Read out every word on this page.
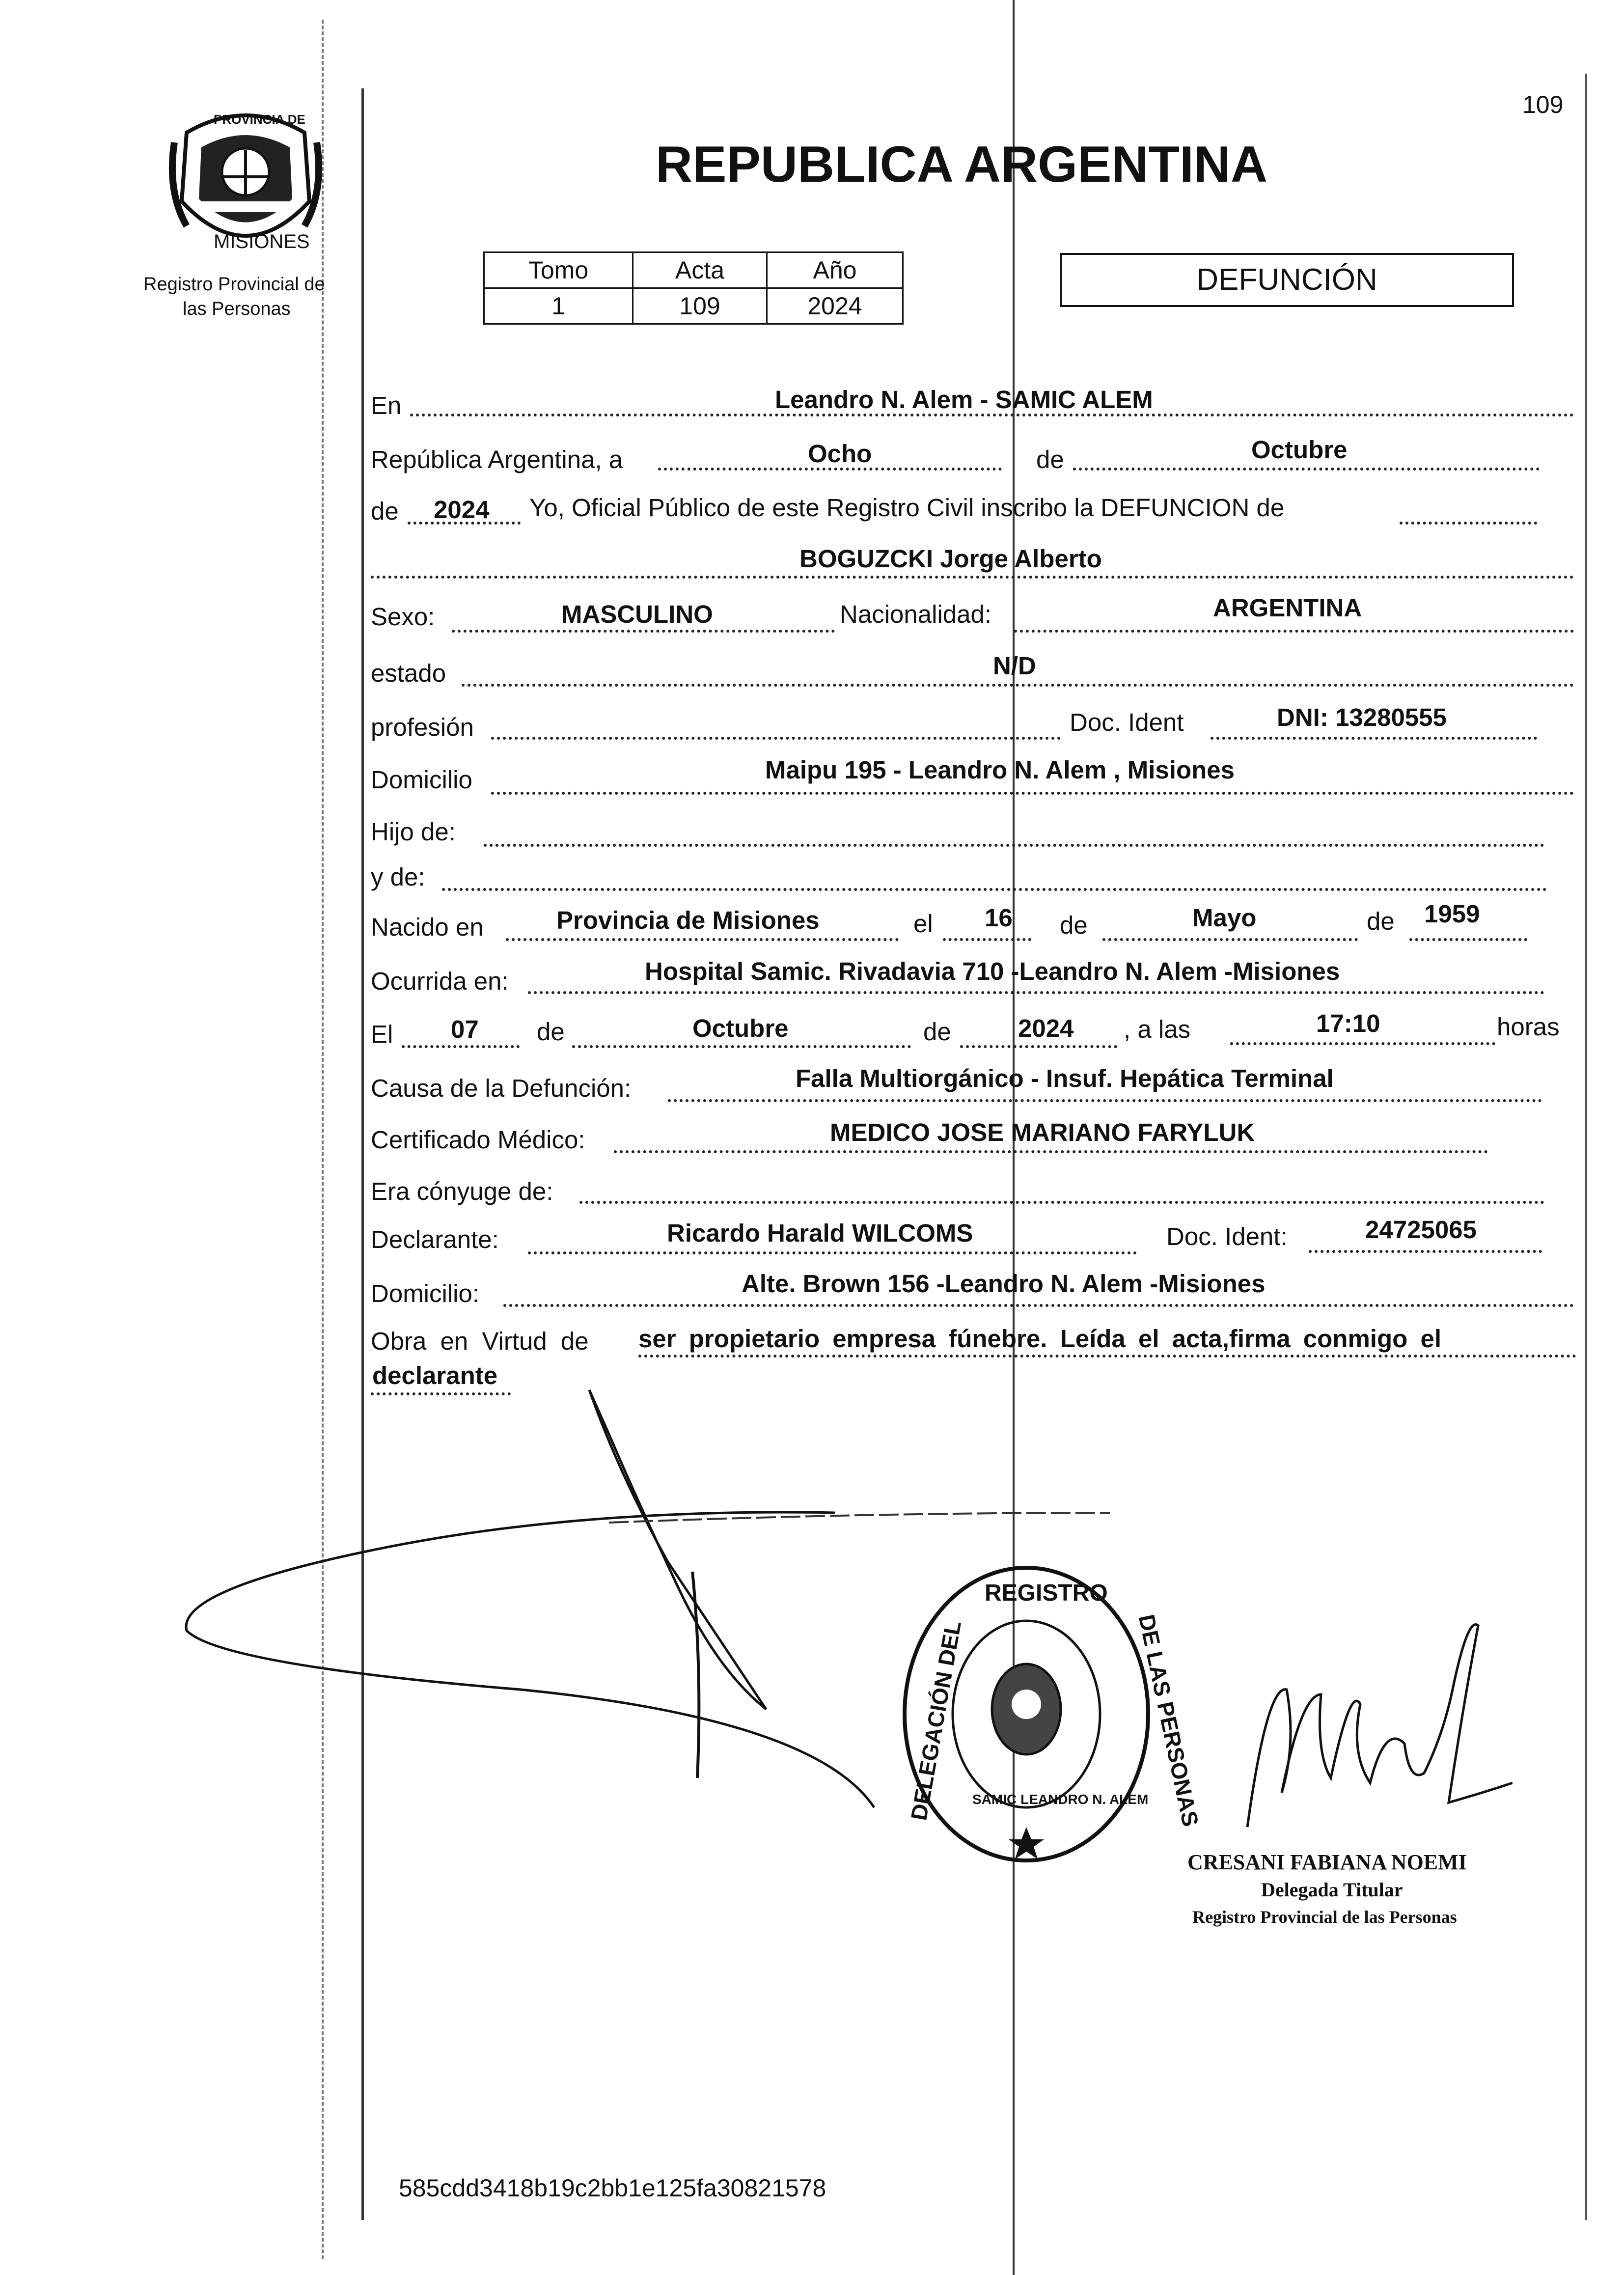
109
PROVINCIA DE
MISIONES
Registro Provincial de
las Personas
REPUBLICA ARGENTINA
Tomo	Acta	Año
1	109	2024
DEFUNCIÓN
En	Leandro N. Alem - SAMIC ALEM
República Argentina, a	Ocho	de	Octubre
de 2024 Yo, Oficial Público de este Registro Civil inscribo la DEFUNCION de
BOGUZCKI Jorge Alberto
Sexo:	MASCULINO	Nacionalidad:	ARGENTINA
estado	N/D
profesión	Doc. Ident	DNI: 13280555
Domicilio	Maipu 195 - Leandro N. Alem , Misiones
Hijo de:
y de:
Nacido en	Provincia de Misiones	el 16 de	Mayo	de 1959
Ocurrida en:	Hospital Samic. Rivadavia 710 -Leandro N. Alem -Misiones
El 07 de	Octubre	de	2024 , a las	17:10	horas
Causa de la Defunción:	Falla Multiorgánico - Insuf. Hepática Terminal
Certificado Médico:	MEDICO JOSE MARIANO FARYLUK
Era cónyuge de:
Declarante:	Ricardo Harald WILCOMS	Doc. Ident:	24725065
Domicilio:	Alte. Brown 156 -Leandro N. Alem -Misiones
Obra en Virtud de ser propietario empresa fúnebre. Leída el acta,firma conmigo el
declarante
REGISTRO
DELEGACIÓN DEL	DE LAS PERSONAS
SAMIC LEANDRO N. ALEM
CRESANI FABIANA NOEMI
Delegada Titular
Registro Provincial de las Personas
585cdd3418b19c2bb1e125fa30821578
